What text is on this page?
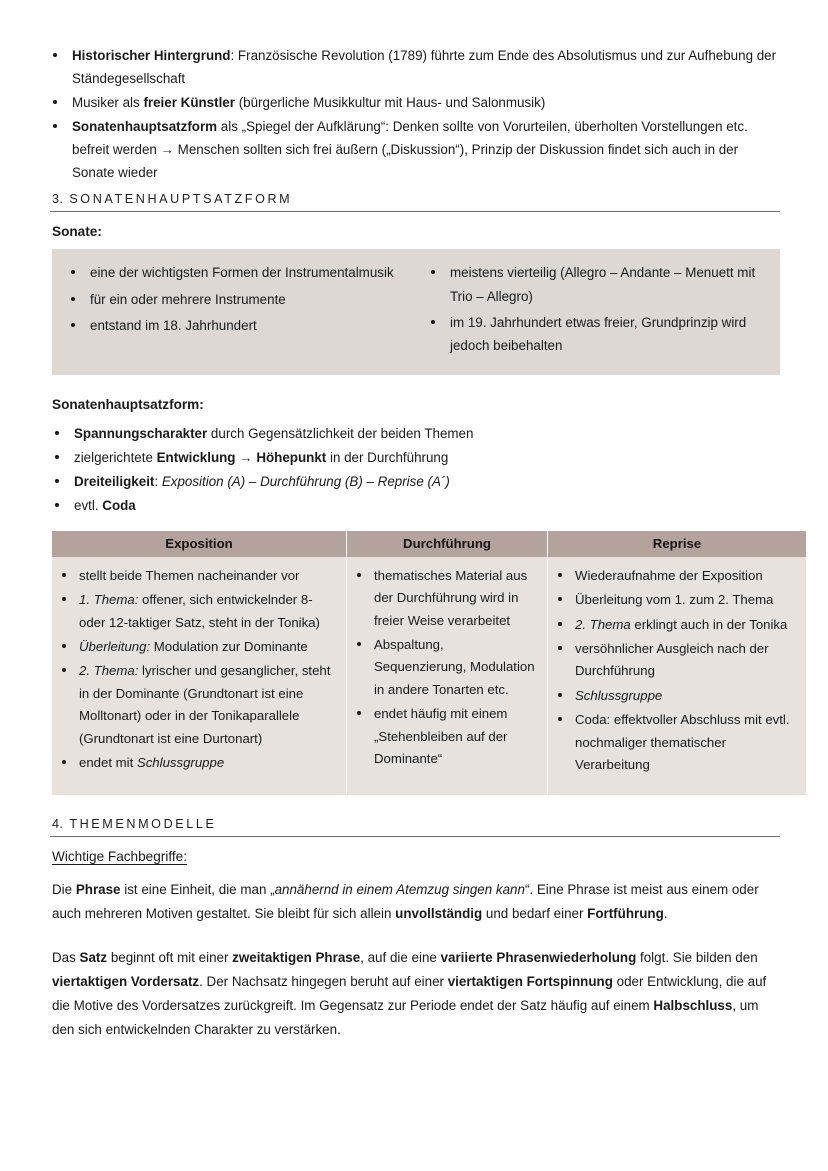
Historischer Hintergrund: Französische Revolution (1789) führte zum Ende des Absolutismus und zur Aufhebung der Ständegesellschaft
Musiker als freier Künstler (bürgerliche Musikkultur mit Haus- und Salonmusik)
Sonatenhauptsatzform als „Spiegel der Aufklärung“: Denken sollte von Vorurteilen, überholten Vorstellungen etc. befreit werden → Menschen sollten sich frei äußern („Diskussion“), Prinzip der Diskussion findet sich auch in der Sonate wieder
3. SONATENHAUPTSATZFORM
Sonate:
eine der wichtigsten Formen der Instrumentalmusik
für ein oder mehrere Instrumente
entstand im 18. Jahrhundert
meistens vierteilig (Allegro – Andante – Menuett mit Trio – Allegro)
im 19. Jahrhundert etwas freier, Grundprinzip wird jedoch beibehalten
Sonatenhauptsatzform:
Spannungscharakter durch Gegensätzlichkeit der beiden Themen
zielgerichtete Entwicklung → Höhepunkt in der Durchführung
Dreiteiligkeit: Exposition (A) – Durchführung (B) – Reprise (A´)
evtl. Coda
Exposition	Durchführung	Reprise

stellt beide Themen nacheinander vor
1. Thema: offener, sich entwickelnder 8- oder 12-taktiger Satz, steht in der Tonika)
Überleitung: Modulation zur Dominante
2. Thema: lyrischer und gesanglicher, steht in der Dominante (Grundtonart ist eine Molltonart) oder in der Tonikaparallele (Grundtonart ist eine Durtonart)
endet mit Schlussgruppe

thematisches Material aus der Durchführung wird in freier Weise verarbeitet
Abspaltung, Sequenzierung, Modulation in andere Tonarten etc.
endet häufig mit einem „Stehenbleiben auf der Dominante“

Wiederaufnahme der Exposition
Überleitung vom 1. zum 2. Thema
2. Thema erklingt auch in der Tonika
versöhnlicher Ausgleich nach der Durchführung
Schlussgruppe
Coda: effektvoller Abschluss mit evtl. nochmaliger thematischer Verarbeitung
4. THEMENMODELLE
Wichtige Fachbegriffe:

Die Phrase ist eine Einheit, die man „annähernd in einem Atemzug singen kann“. Eine Phrase ist meist aus einem oder auch mehreren Motiven gestaltet. Sie bleibt für sich allein unvollständig und bedarf einer Fortführung.

Das Satz beginnt oft mit einer zweitaktigen Phrase, auf die eine variierte Phrasenwiederholung folgt. Sie bilden den viertaktigen Vordersatz. Der Nachsatz hingegen beruht auf einer viertaktigen Fortspinnung oder Entwicklung, die auf die Motive des Vordersatzes zurückgreift. Im Gegensatz zur Periode endet der Satz häufig auf einem Halbschluss, um den sich entwickelnden Charakter zu verstärken.
